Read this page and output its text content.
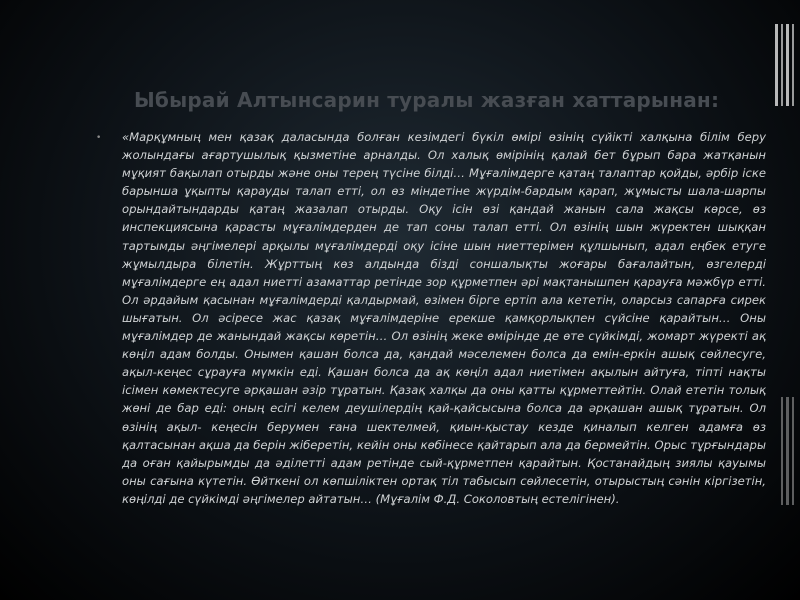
Ыбырай Алтынсарин туралы жазған хаттарынан:
• «Марқұмның мен қазақ даласында болған кезімдегі бүкіл өмірі өзінің сүйікті халқына білім беру жолындағы ағартушылық қызметіне арналды. Ол халық өмірінің қалай бет бұрып бара жатқанын мұқият бақылап отырды және оны терең түсіне білді… Мұғалімдерге қатаң талаптар қойды, әрбір іске барынша ұқыпты қарауды талап етті, ол өз міндетіне жүрдім-бардым қарап, жұмысты шала-шарпы орындайтындарды қатаң жазалап отырды. Оқу ісін өзі қандай жанын сала жақсы көрсе, өз инспекциясына қарасты мұғалімдерден де тап соны талап етті. Ол өзінің шын жүректен шыққан тартымды әңгімелері арқылы мұғалімдерді оқу ісіне шын ниеттерімен құлшынып, адал еңбек етуге жұмылдыра білетін. Жұрттың көз алдында бізді соншалықты жоғары бағалайтын, өзгелерді мұғалімдерге ең адал ниетті азаматтар ретінде зор құрметпен әрі мақтанышпен қарауға мәжбүр етті. Ол әрдайым қасынан мұғалімдерді қалдырмай, өзімен бірге ертіп ала кететін, оларсыз сапарға сирек шығатын. Ол әсіресе жас қазақ мұғалімдеріне ерекше қамқорлықпен сүйсіне қарайтын… Оны мұғалімдер де жанындай жақсы көретін… Ол өзінің жеке өмірінде де өте сүйкімді, жомарт жүректі ақ көңіл адам болды. Онымен қашан болса да, қандай мәселемен болса да емін-еркін ашық сөйлесуге, ақыл-кеңес сұрауға мүмкін еді. Қашан болса да ақ көңіл адал ниетімен ақылын айтуға, тіпті нақты ісімен көмектесуге әрқашан әзір тұратын. Қазақ халқы да оны қатты құрметтейтін. Олай ететін толық жөні де бар еді: оның есігі келем деушілердің қай-қайсысына болса да әрқашан ашық тұратын. Ол өзінің ақыл- кеңесін берумен ғана шектелмей, қиын-қыстау кезде қиналып келген адамға өз қалтасынан ақша да берін жіберетін, кейін оны көбінесе қайтарып ала да бермейтін. Орыс тұрғындары да оған қайырымды да әділетті адам ретінде сый-құрметпен қарайтын. Қостанайдың зиялы қауымы оны сағына күтетін. Өйткені ол көпшіліктен ортақ тіл табысып сөйлесетін, отырыстың сәнін кіргізетін, көңілді де сүйкімді әңгімелер айтатын… (Мұғалім Ф.Д. Соколовтың естелігінен).
